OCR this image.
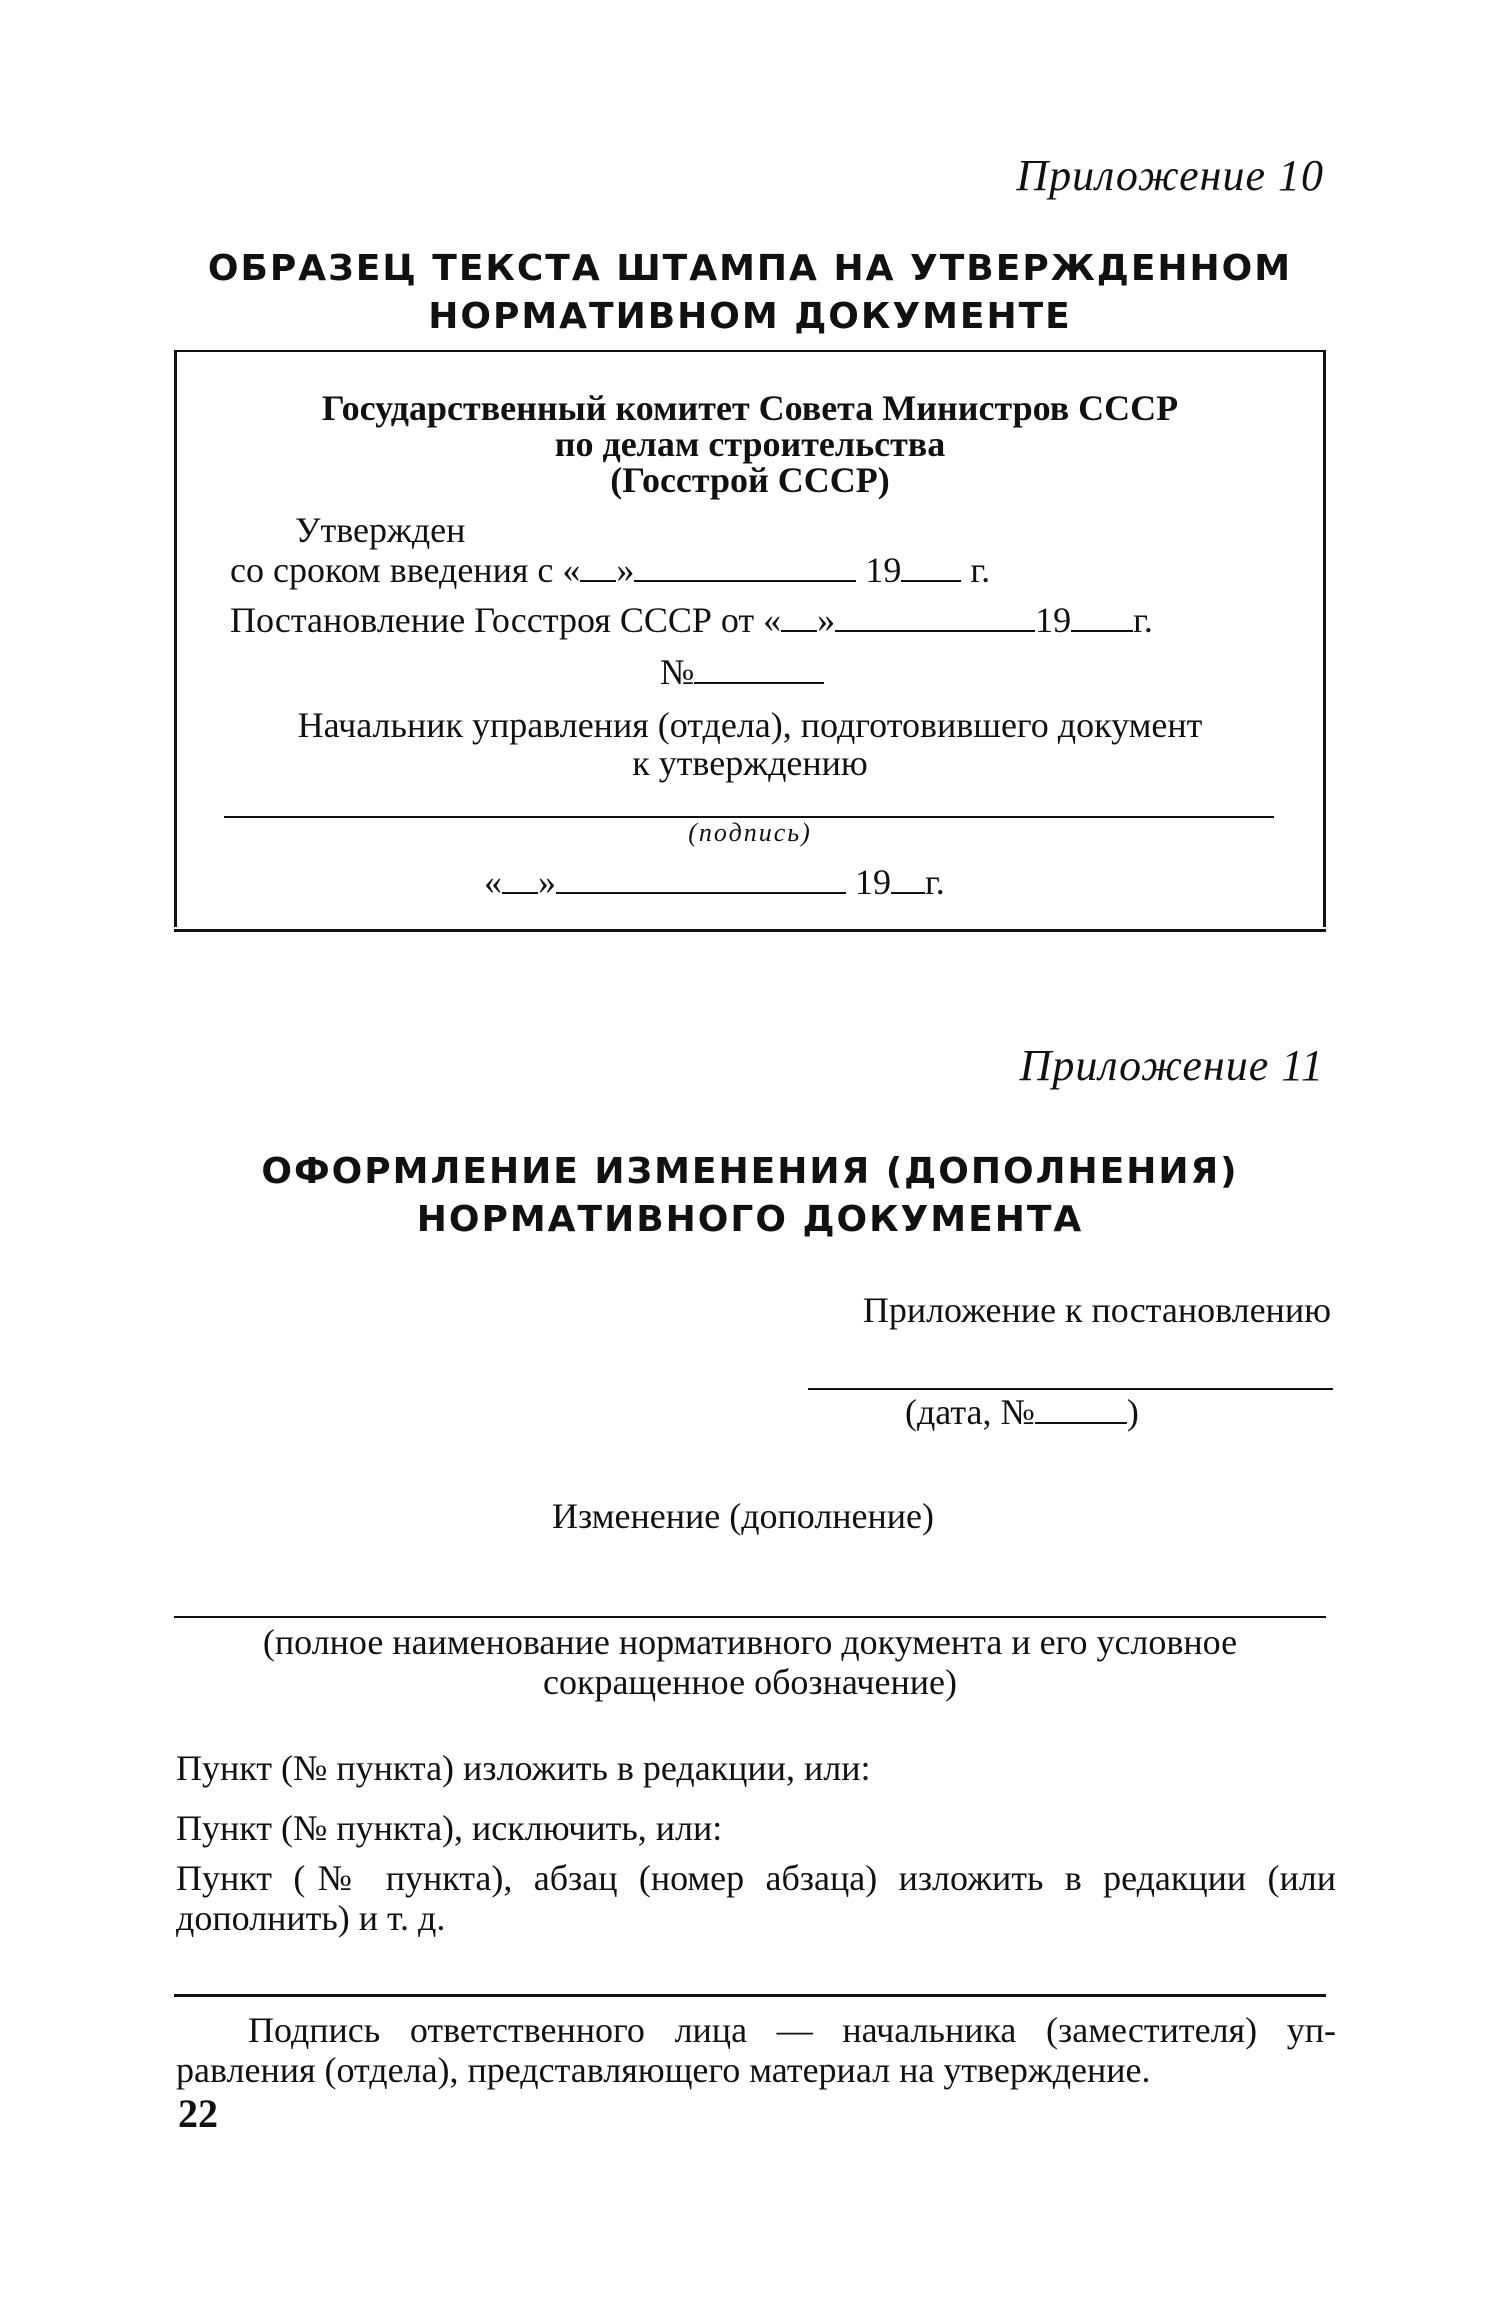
Приложение 10
ОБРАЗЕЦ ТЕКСТА ШТАМПА НА УТВЕРЖДЕННОМ
НОРМАТИВНОМ ДОКУМЕНТЕ
Государственный комитет Совета Министров СССР
по делам строительства
(Госстрой СССР)
Утвержден
со сроком введения с « »	19 г.
Постановление Госстроя СССР от « »	19 г.
№
Начальник управления (отдела), подготовившего документ
к утверждению
(подпись)
« »	19 г.
Приложение 11
ОФОРМЛЕНИЕ ИЗМЕНЕНИЯ (ДОПОЛНЕНИЯ)
НОРМАТИВНОГО ДОКУМЕНТА
Приложение к постановлению
(дата, №	)
Изменение (дополнение)
(полное наименование нормативного документа и его условное
сокращенное обозначение)
Пункт (№ пункта) изложить в редакции, или:
Пункт (№ пункта), исключить, или:
Пункт (№ пункта), абзац (номер абзаца) изложить в редакции (или
дополнить) и т. д.
Подпись ответственного лица — начальника (заместителя) уп-
равления (отдела), представляющего материал на утверждение.
22
